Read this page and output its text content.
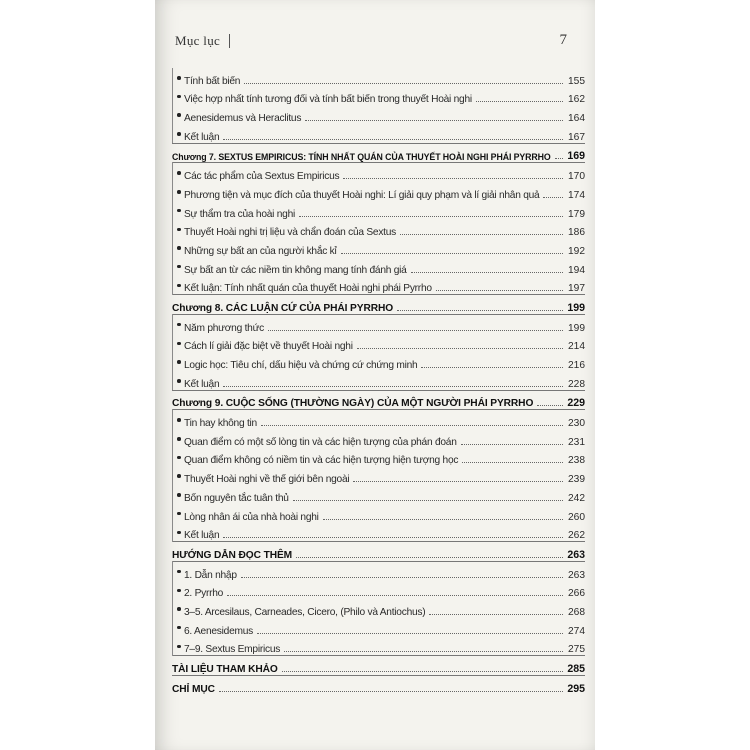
Mục lục	7
Tính bất biến	155
Việc hợp nhất tính tương đối và tính bất biến trong thuyết Hoài nghi	162
Aenesidemus và Heraclitus	164
Kết luận	167
Chương 7. SEXTUS EMPIRICUS: TÍNH NHẤT QUÁN CỦA THUYẾT HOÀI NGHI PHÁI PYRRHO 169
Các tác phẩm của Sextus Empiricus	170
Phương tiện và mục đích của thuyết Hoài nghi: Lí giải quy phạm và lí giải nhân quả	174
Sự thẩm tra của hoài nghi	179
Thuyết Hoài nghi trị liệu và chẩn đoán của Sextus	186
Những sự bất an của người khắc kỉ	192
Sự bất an từ các niềm tin không mang tính đánh giá	194
Kết luận: Tính nhất quán của thuyết Hoài nghi phái Pyrrho	197
Chương 8. CÁC LUẬN CỨ CỦA PHÁI PYRRHO	199
Năm phương thức	199
Cách lí giải đặc biệt về thuyết Hoài nghi	214
Logic học: Tiêu chí, dấu hiệu và chứng cứ chứng minh	216
Kết luận	228
Chương 9. CUỘC SỐNG (THƯỜNG NGÀY) CỦA MỘT NGƯỜI PHÁI PYRRHO	229
Tin hay không tin	230
Quan điểm có một số lòng tin và các hiện tượng của phán đoán	231
Quan điểm không có niềm tin và các hiện tượng hiện tượng học	238
Thuyết Hoài nghi về thế giới bên ngoài	239
Bốn nguyên tắc tuân thủ	242
Lòng nhân ái của nhà hoài nghi	260
Kết luận	262
HƯỚNG DẪN ĐỌC THÊM	263
1. Dẫn nhập	263
2. Pyrrho	266
3–5. Arcesilaus, Carneades, Cicero, (Philo và Antiochus)	268
6. Aenesidemus	274
7–9. Sextus Empiricus	275
TÀI LIỆU THAM KHẢO	285
CHỈ MỤC	295
